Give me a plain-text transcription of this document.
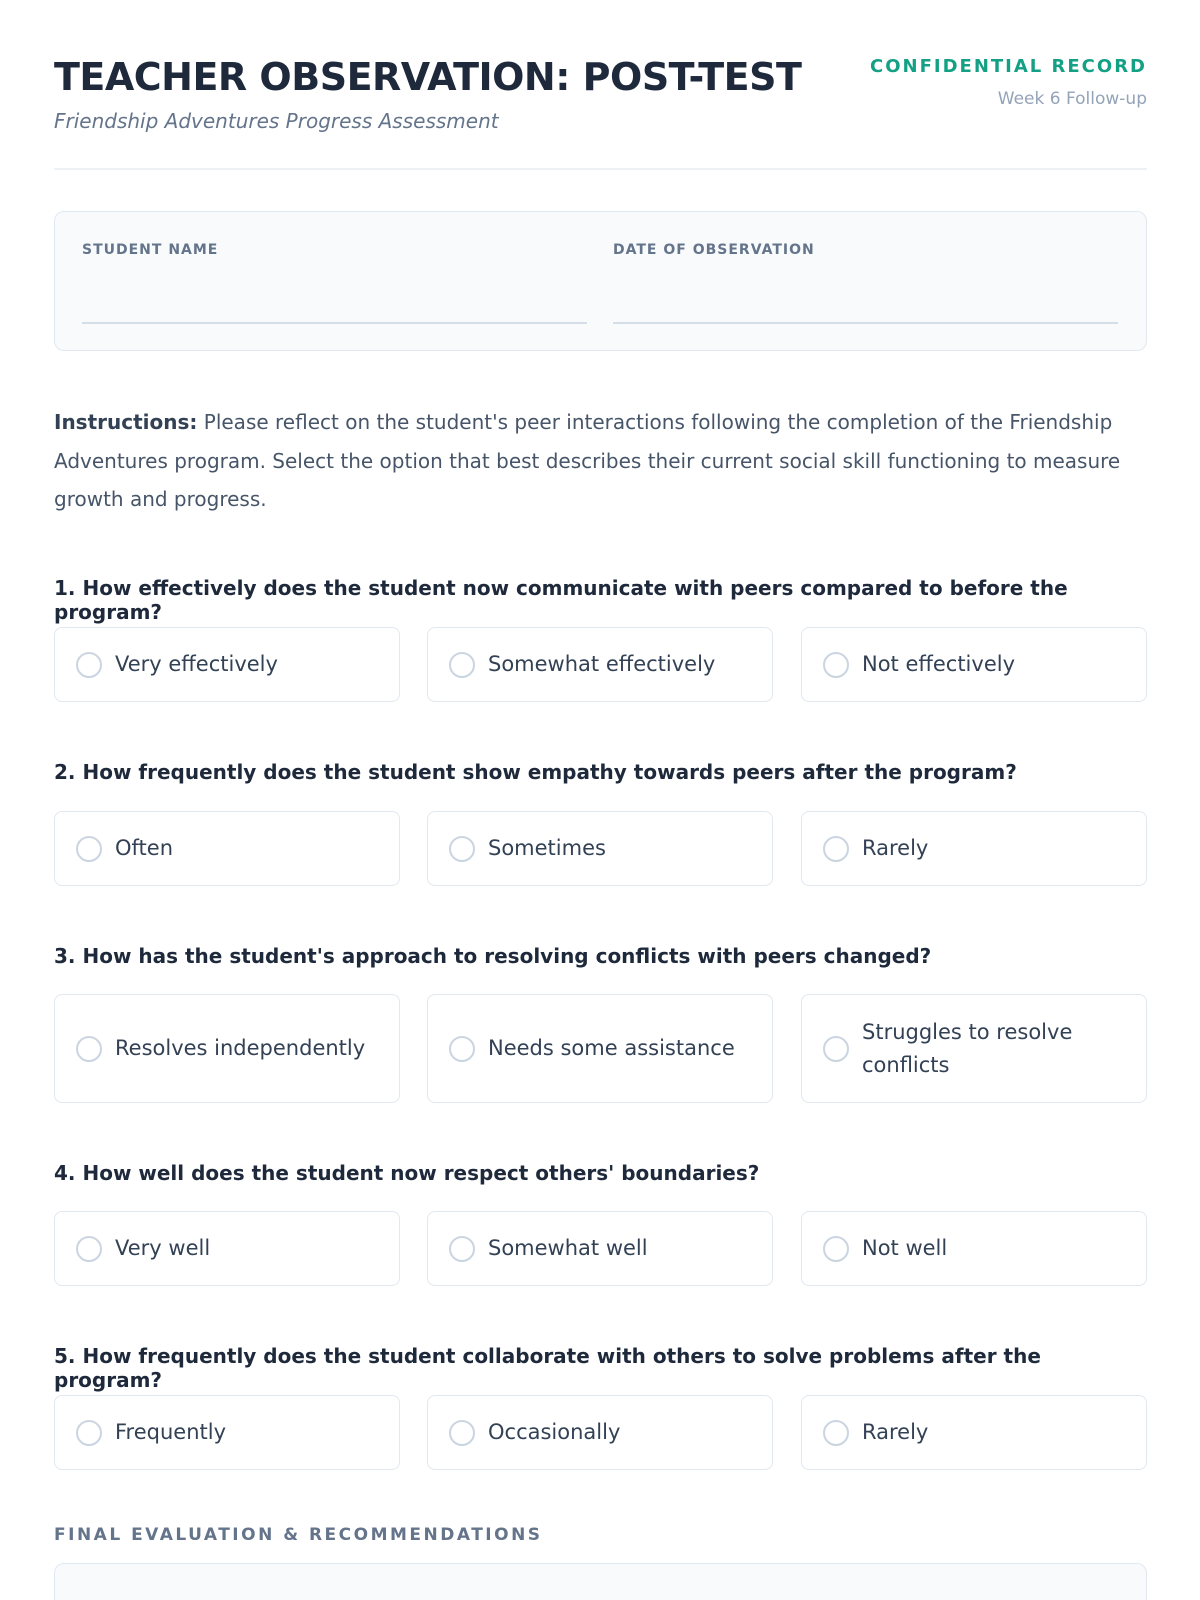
TEACHER OBSERVATION: POST-TEST
Friendship Adventures Progress Assessment
CONFIDENTIAL RECORD
Week 6 Follow-up
STUDENT NAME	DATE OF OBSERVATION
Instructions: Please reflect on the student's peer interactions following the completion of the Friendship Adventures program. Select the option that best describes their current social skill functioning to measure growth and progress.
1. How effectively does the student now communicate with peers compared to before the program?
Very effectively	Somewhat effectively	Not effectively
2. How frequently does the student show empathy towards peers after the program?
Often	Sometimes	Rarely
3. How has the student's approach to resolving conflicts with peers changed?
Resolves independently	Needs some assistance
Struggles to resolve conflicts
4. How well does the student now respect others' boundaries?
Very well	Somewhat well	Not well
5. How frequently does the student collaborate with others to solve problems after the program?
Frequently	Occasionally	Rarely
FINAL EVALUATION & RECOMMENDATIONS
